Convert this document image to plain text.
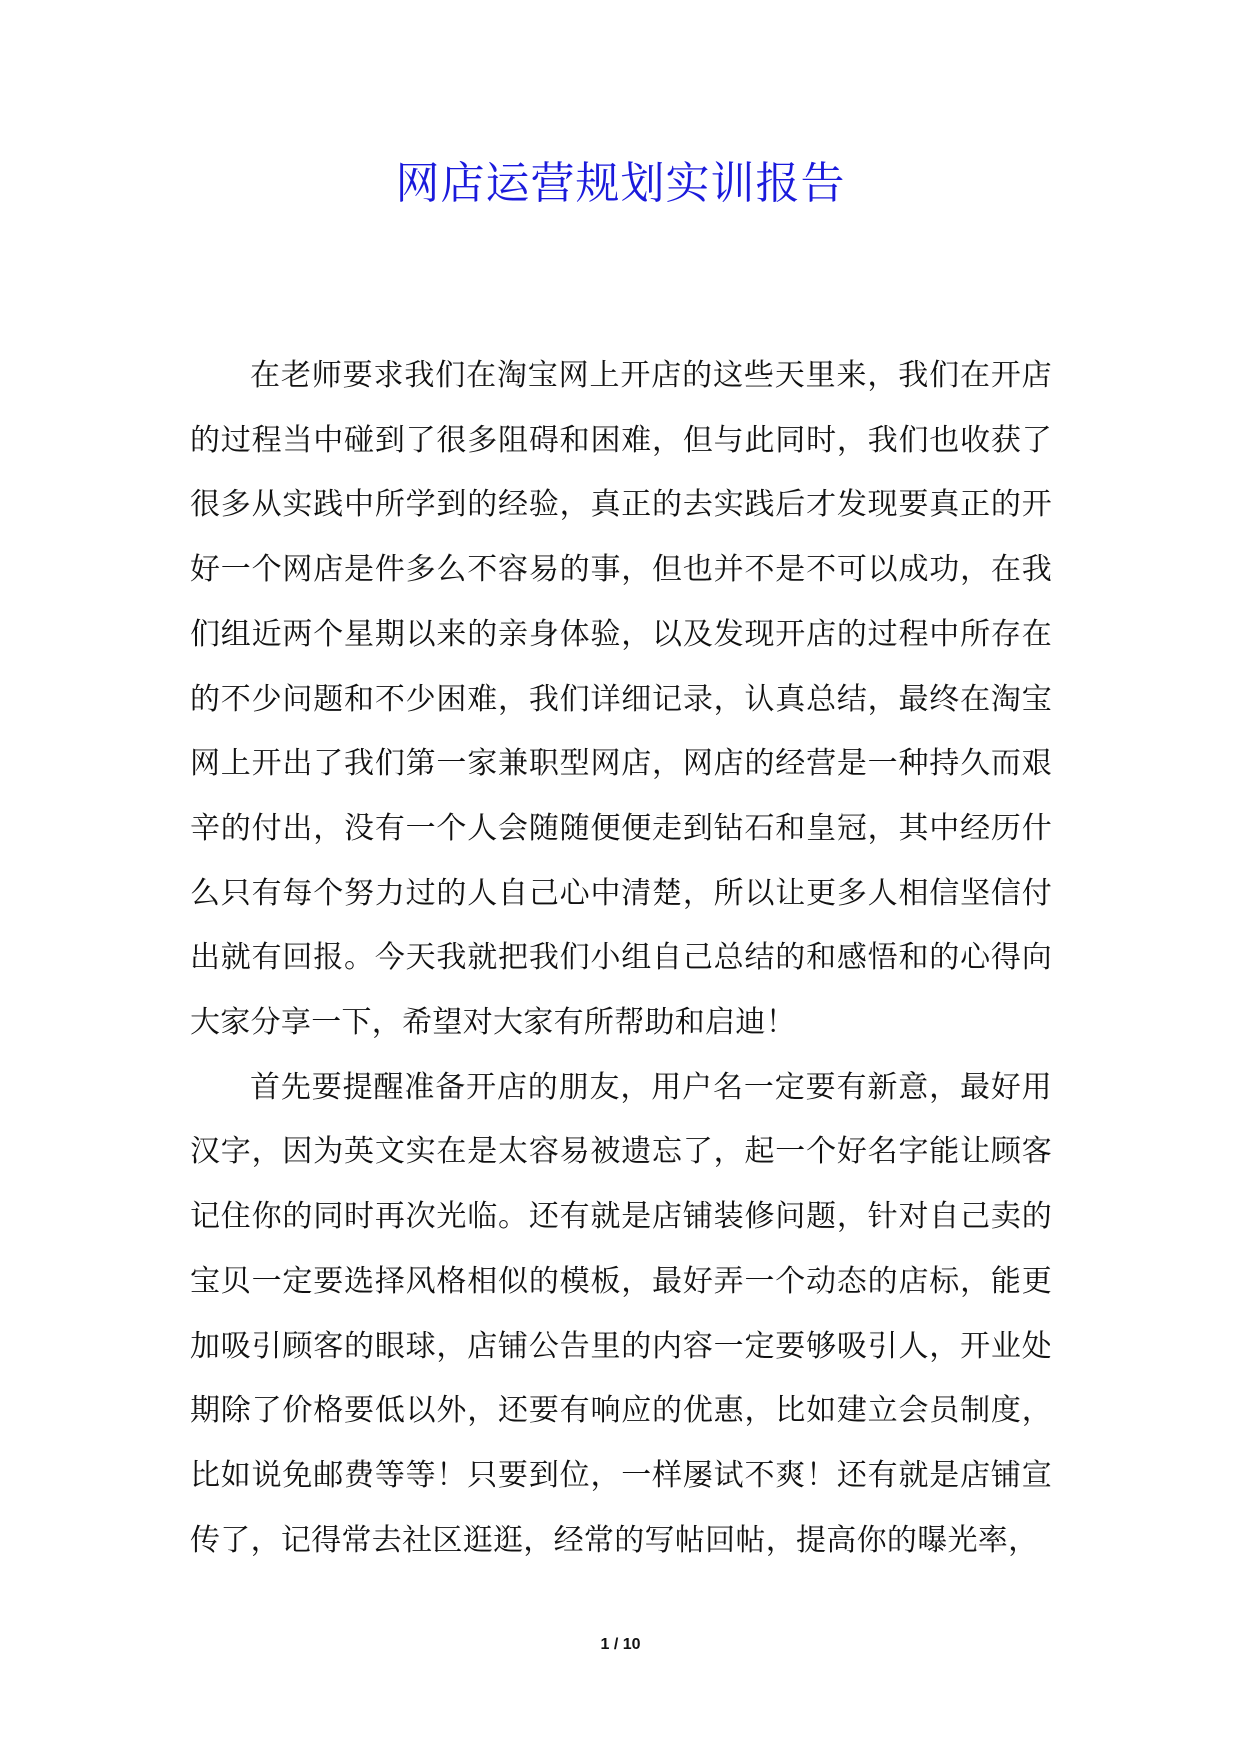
网店运营规划实训报告

在老师要求我们在淘宝网上开店的这些天里来，我们在开店的过程当中碰到了很多阻碍和困难，但与此同时，我们也收获了很多从实践中所学到的经验，真正的去实践后才发现要真正的开好一个网店是件多么不容易的事，但也并不是不可以成功，在我们组近两个星期以来的亲身体验，以及发现开店的过程中所存在的不少问题和不少困难，我们详细记录，认真总结，最终在淘宝网上开出了我们第一家兼职型网店，网店的经营是一种持久而艰辛的付出，没有一个人会随随便便走到钻石和皇冠，其中经历什么只有每个努力过的人自己心中清楚，所以让更多人相信坚信付出就有回报。今天我就把我们小组自己总结的和感悟和的心得向大家分享一下，希望对大家有所帮助和启迪！

首先要提醒准备开店的朋友，用户名一定要有新意，最好用汉字，因为英文实在是太容易被遗忘了，起一个好名字能让顾客记住你的同时再次光临。还有就是店铺装修问题，针对自己卖的宝贝一定要选择风格相似的模板，最好弄一个动态的店标，能更加吸引顾客的眼球，店铺公告里的内容一定要够吸引人，开业处期除了价格要低以外，还要有响应的优惠，比如建立会员制度，比如说免邮费等等！只要到位，一样屡试不爽！还有就是店铺宣传了，记得常去社区逛逛，经常的写帖回帖，提高你的曝光率，

1 / 10
